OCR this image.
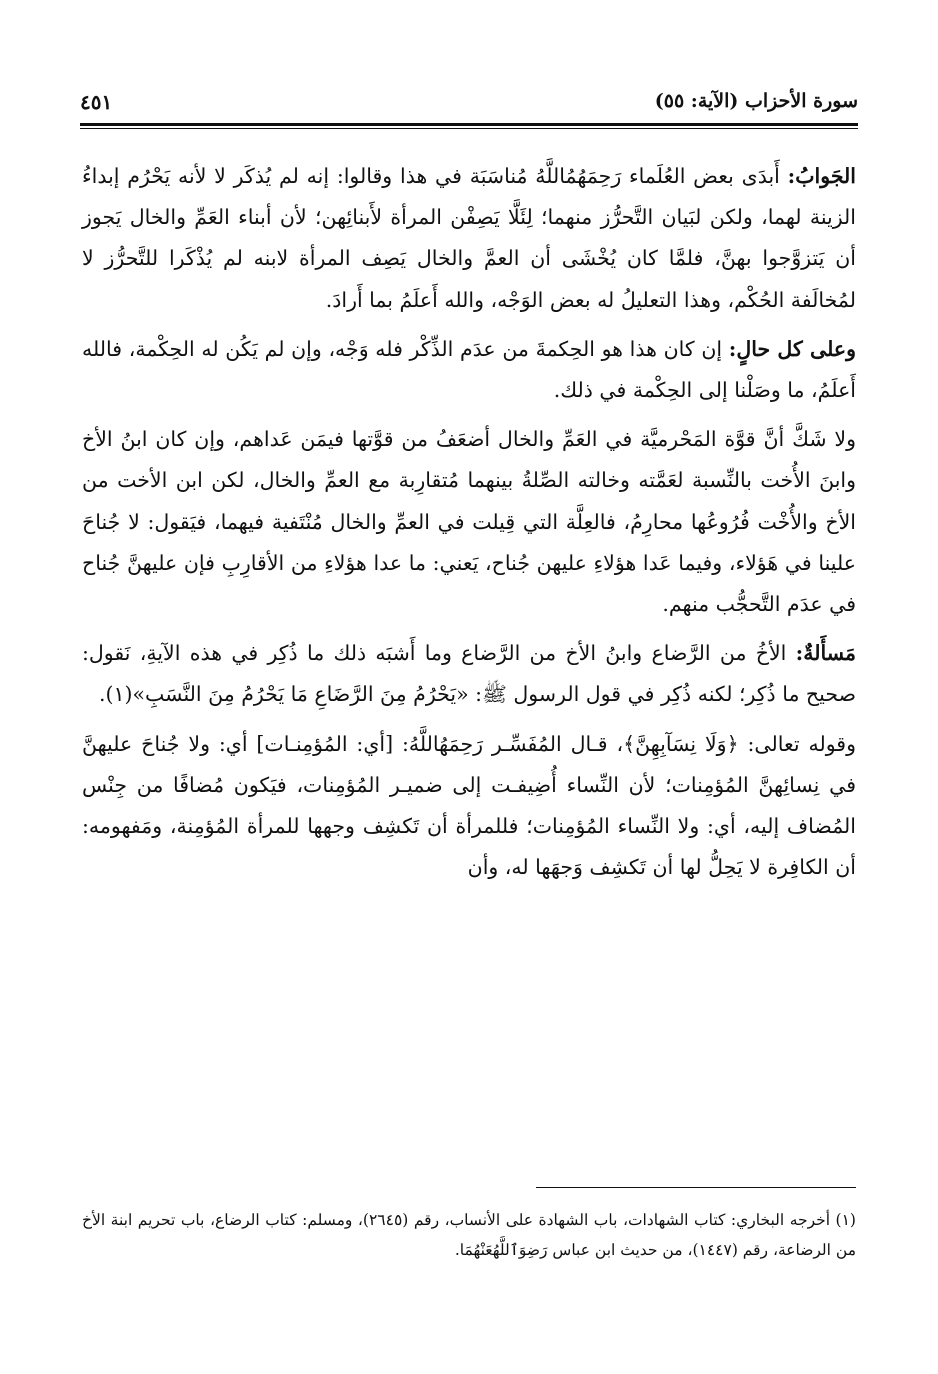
سورة الأحزاب (الآية: ٥٥)
٤٥١

الجَوابُ: أَبدَى بعض العُلَماء رَحِمَهُمُاللَّهُ مُناسَبَة في هذا وقالوا: إنه لم يُذكَر لا لأنه يَحْرُم إبداءُ الزينة لهما، ولكن لبَيان التَّحرُّز منهما؛ لِئَلَّا يَصِفْن المرأة لأَبنائِهن؛ لأن أبناء العَمِّ والخال يَجوز أن يَتزوَّجوا بهنَّ، فلمَّا كان يُخْشَى أن العمَّ والخال يَصِف المرأة لابنه لم يُذْكَرا للتَّحرُّز لا لمُخالَفة الحُكْم، وهذا التعليلُ له بعض الوَجْه، والله أَعلَمُ بما أَرادَ.

وعلى كل حالٍ: إن كان هذا هو الحِكمةَ من عدَم الذِّكْر فله وَجْه، وإن لم يَكُن له الحِكْمة، فالله أَعلَمُ، ما وصَلْنا إلى الحِكْمة في ذلك.

ولا شَكَّ أنَّ قوَّة المَحْرميَّة في العَمِّ والخال أضعَفُ من قوَّتها فيمَن عَداهم، وإن كان ابنُ الأخ وابنَ الأُخت بالنِّسبة لعَمَّته وخالته الصِّلةُ بينهما مُتقارِبة مع العمِّ والخال، لكن ابن الأخت من الأخ والأُخْت فُرُوعُها محارِمُ، فالعِلَّة التي قِيلت في العمِّ والخال مُنْتَفية فيهما، فيَقول: لا جُناحَ علينا في هَؤلاء، وفيما عَدا هؤلاءِ عليهن جُناح، يَعني: ما عدا هؤلاءِ من الأقارِبِ فإن عليهنَّ جُناح في عدَم التَّحجُّب منهم.

مَسأَلةٌ: الأخُ من الرَّضاع وابنُ الأخ من الرَّضاع وما أَشبَه ذلك ما ذُكِر في هذه الآيةِ، نَقول: صحيح ما ذُكِر؛ لكنه ذُكِر في قول الرسول ﷺ: «يَحْرُمُ مِنَ الرَّضَاعِ مَا يَحْرُمُ مِنَ النَّسَبِ»(١).

وقوله تعالى: ﴿وَلَا نِسَآبِهِنَّ﴾، قـال المُفَسِّـر رَحِمَهُاللَّهُ: [أي: المُؤمِنـات] أي: ولا جُناحَ عليهنَّ في نِسائِهنَّ المُؤمِنات؛ لأن النِّساء أُضِيفـت إلى ضميـر المُؤمِنات، فيَكون مُضافًا من جِنْس المُضاف إليه، أي: ولا النِّساء المُؤمِنات؛ فللمرأة أن تَكشِف وجهها للمرأة المُؤمِنة، ومَفهومه: أن الكافِرة لا يَحِلُّ لها أن تَكشِف وَجهَها له، وأن

(١) أخرجه البخاري: كتاب الشهادات، باب الشهادة على الأنساب، رقم (٢٦٤٥)، ومسلم: كتاب الرضاع، باب تحريم ابنة الأخ من الرضاعة، رقم (١٤٤٧)، من حديث ابن عباس رَضِوَٱللَّهُعَنْهُمَا.
